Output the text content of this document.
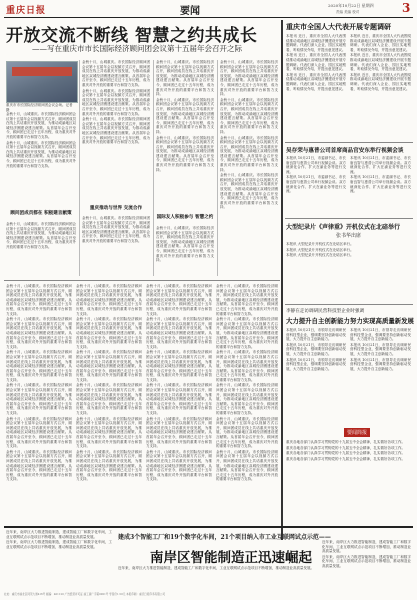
重庆日报	要闻
2020年10月22日 星期四 3
责编 美编 校对
开放交流不断线 智慧之约共成长
——写在重庆市市长国际经济顾问团会议第十五届年会召开之际
重庆市市长国际经济顾问团会议会场。记者 摄

金秋十月，山城重庆。市长国际经济顾问团会议第十五届年会以视频方式召开，顾问团成员在线上共话重庆开放发展，为推动成渝地区双城经济圈建设建言献策。从首届年会召开至今，顾问团已走过十五年历程，成为重庆对外开放的重要平台和智力支持。

金秋十月，山城重庆。市长国际经济顾问团会议第十五届年会以视频方式召开，顾问团成员在线上共话重庆开放发展，为推动成渝地区双城经济圈建设建言献策。从首届年会召开至今，顾问团已走过十五年历程，成为重庆对外开放的重要平台和智力支持。

顾问团成员都在 积极建言献策

金秋十月，山城重庆。市长国际经济顾问团会议第十五届年会以视频方式召开，顾问团成员在线上共话重庆开放发展，为推动成渝地区双城经济圈建设建言献策。从首届年会召开至今，顾问团已走过十五年历程，成为重庆对外开放的重要平台和智力支持。

金秋十月，山城重庆。市长国际经济顾问团会议第十五届年会以视频方式召开，顾问团成员在线上共话重庆开放发展，为推动成渝地区双城经济圈建设建言献策。从首届年会召开至今，顾问团已走过十五年历程，成为重庆对外开放的重要平台和智力支持。

金秋十月，山城重庆。市长国际经济顾问团会议第十五届年会以视频方式召开，顾问团成员在线上共话重庆开放发展，为推动成渝地区双城经济圈建设建言献策。从首届年会召开至今，顾问团已走过十五年历程，成为重庆对外开放的重要平台和智力支持。

金秋十月，山城重庆。市长国际经济顾问团会议第十五届年会以视频方式召开，顾问团成员在线上共话重庆开放发展，为推动成渝地区双城经济圈建设建言献策。从首届年会召开至今，顾问团已走过十五年历程，成为重庆对外开放的重要平台和智力支持。

重庆推动与世界 交流合作

金秋十月，山城重庆。市长国际经济顾问团会议第十五届年会以视频方式召开，顾问团成员在线上共话重庆开放发展，为推动成渝地区双城经济圈建设建言献策。从首届年会召开至今，顾问团已走过十五年历程，成为重庆对外开放的重要平台和智力支持。

金秋十月，山城重庆。市长国际经济顾问团会议第十五届年会以视频方式召开，顾问团成员在线上共话重庆开放发展，为推动成渝地区双城经济圈建设建言献策。从首届年会召开至今，顾问团已走过十五年历程，成为重庆对外开放的重要平台和智力支持。

金秋十月，山城重庆。市长国际经济顾问团会议第十五届年会以视频方式召开，顾问团成员在线上共话重庆开放发展，为推动成渝地区双城经济圈建设建言献策。从首届年会召开至今，顾问团已走过十五年历程，成为重庆对外开放的重要平台和智力支持。

金秋十月，山城重庆。市长国际经济顾问团会议第十五届年会以视频方式召开，顾问团成员在线上共话重庆开放发展，为推动成渝地区双城经济圈建设建言献策。从首届年会召开至今，顾问团已走过十五年历程，成为重庆对外开放的重要平台和智力支持。

国际友人积极参与 智慧之约

金秋十月，山城重庆。市长国际经济顾问团会议第十五届年会以视频方式召开，顾问团成员在线上共话重庆开放发展，为推动成渝地区双城经济圈建设建言献策。从首届年会召开至今，顾问团已走过十五年历程，成为重庆对外开放的重要平台和智力支持。

金秋十月，山城重庆。市长国际经济顾问团会议第十五届年会以视频方式召开，顾问团成员在线上共话重庆开放发展，为推动成渝地区双城经济圈建设建言献策。从首届年会召开至今，顾问团已走过十五年历程，成为重庆对外开放的重要平台和智力支持。

金秋十月，山城重庆。市长国际经济顾问团会议第十五届年会以视频方式召开，顾问团成员在线上共话重庆开放发展，为推动成渝地区双城经济圈建设建言献策。从首届年会召开至今，顾问团已走过十五年历程，成为重庆对外开放的重要平台和智力支持。

金秋十月，山城重庆。市长国际经济顾问团会议第十五届年会以视频方式召开，顾问团成员在线上共话重庆开放发展，为推动成渝地区双城经济圈建设建言献策。从首届年会召开至今，顾问团已走过十五年历程，成为重庆对外开放的重要平台和智力支持。

金秋十月，山城重庆。市长国际经济顾问团会议第十五届年会以视频方式召开，顾问团成员在线上共话重庆开放发展，为推动成渝地区双城经济圈建设建言献策。从首届年会召开至今，顾问团已走过十五年历程，成为重庆对外开放的重要平台和智力支持。

重庆市全国人大代表开展专题调研

本报讯 近日，重庆市全国人大代表围绕推动成渝地区双城经济圈建设开展专题调研。代表们深入企业、园区实地察看，听取情况介绍，并提出意见建议。

本报讯 近日，重庆市全国人大代表围绕推动成渝地区双城经济圈建设开展专题调研。代表们深入企业、园区实地察看，听取情况介绍，并提出意见建议。

本报讯 近日，重庆市全国人大代表围绕推动成渝地区双城经济圈建设开展专题调研。代表们深入企业、园区实地察看，听取情况介绍，并提出意见建议。

本报讯 近日，重庆市全国人大代表围绕推动成渝地区双城经济圈建设开展专题调研。代表们深入企业、园区实地察看，听取情况介绍，并提出意见建议。

本报讯 近日，重庆市全国人大代表围绕推动成渝地区双城经济圈建设开展专题调研。代表们深入企业、园区实地察看，听取情况介绍，并提出意见建议。

本报讯 近日，重庆市全国人大代表围绕推动成渝地区双城经济圈建设开展专题调研。代表们深入企业、园区实地察看，听取情况介绍，并提出意见建议。

吴存荣与惠普公司首席商品官安东举行视频会谈

本报讯 10月21日，市委副书记、市长唐良智与惠普公司举行视频会谈。双方就深化合作、扩大在渝业务等进行交流。

本报讯 10月21日，市委副书记、市长唐良智与惠普公司举行视频会谈。双方就深化合作、扩大在渝业务等进行交流。

本报讯 10月21日，市委副书记、市长唐良智与惠普公司举行视频会谈。双方就深化合作、扩大在渝业务等进行交流。

本报讯 10月21日，市委副书记、市长唐良智与惠普公司举行视频会谈。双方就深化合作、扩大在渝业务等进行交流。

大型纪录片《声律重》开机仪式在北碚举行
张书华出席

本报讯 大型纪录片开机仪式在北碚区举行。

本报讯 大型纪录片开机仪式在北碚区举行。

本报讯 大型纪录片开机仪式在北碚区举行。

李静在走访调研民营科技型企业时强调
大力提升自主创新能力 努力实现高质量新发展

本报讯 10月21日，市领导走访调研民营科技型企业，强调要坚持创新驱动发展，大力提升自主创新能力。

本报讯 10月21日，市领导走访调研民营科技型企业，强调要坚持创新驱动发展，大力提升自主创新能力。

本报讯 10月21日，市领导走访调研民营科技型企业，强调要坚持创新驱动发展，大力提升自主创新能力。

本报讯 10月21日，市领导走访调研民营科技型企业，强调要坚持创新驱动发展，大力提升自主创新能力。

本报讯 10月21日，市领导走访调研民营科技型企业，强调要坚持创新驱动发展，大力提升自主创新能力。

本报讯 10月21日，市领导走访调研民营科技型企业，强调要坚持创新驱动发展，大力提升自主创新能力。

要闻简报

重庆各地各部门认真学习贯彻党的十九届五中全会精神，扎实做好各项工作。

重庆各地各部门认真学习贯彻党的十九届五中全会精神，扎实做好各项工作。

重庆各地各部门认真学习贯彻党的十九届五中全会精神，扎实做好各项工作。

重庆各地各部门认真学习贯彻党的十九届五中全会精神，扎实做好各项工作。

金秋十月，山城重庆。市长国际经济顾问团会议第十五届年会以视频方式召开，顾问团成员在线上共话重庆开放发展，为推动成渝地区双城经济圈建设建言献策。从首届年会召开至今，顾问团已走过十五年历程，成为重庆对外开放的重要平台和智力支持。

金秋十月，山城重庆。市长国际经济顾问团会议第十五届年会以视频方式召开，顾问团成员在线上共话重庆开放发展，为推动成渝地区双城经济圈建设建言献策。从首届年会召开至今，顾问团已走过十五年历程，成为重庆对外开放的重要平台和智力支持。

金秋十月，山城重庆。市长国际经济顾问团会议第十五届年会以视频方式召开，顾问团成员在线上共话重庆开放发展，为推动成渝地区双城经济圈建设建言献策。从首届年会召开至今，顾问团已走过十五年历程，成为重庆对外开放的重要平台和智力支持。

金秋十月，山城重庆。市长国际经济顾问团会议第十五届年会以视频方式召开，顾问团成员在线上共话重庆开放发展，为推动成渝地区双城经济圈建设建言献策。从首届年会召开至今，顾问团已走过十五年历程，成为重庆对外开放的重要平台和智力支持。

金秋十月，山城重庆。市长国际经济顾问团会议第十五届年会以视频方式召开，顾问团成员在线上共话重庆开放发展，为推动成渝地区双城经济圈建设建言献策。从首届年会召开至今，顾问团已走过十五年历程，成为重庆对外开放的重要平台和智力支持。

金秋十月，山城重庆。市长国际经济顾问团会议第十五届年会以视频方式召开，顾问团成员在线上共话重庆开放发展，为推动成渝地区双城经济圈建设建言献策。从首届年会召开至今，顾问团已走过十五年历程，成为重庆对外开放的重要平台和智力支持。

金秋十月，山城重庆。市长国际经济顾问团会议第十五届年会以视频方式召开，顾问团成员在线上共话重庆开放发展，为推动成渝地区双城经济圈建设建言献策。从首届年会召开至今，顾问团已走过十五年历程，成为重庆对外开放的重要平台和智力支持。

金秋十月，山城重庆。市长国际经济顾问团会议第十五届年会以视频方式召开，顾问团成员在线上共话重庆开放发展，为推动成渝地区双城经济圈建设建言献策。从首届年会召开至今，顾问团已走过十五年历程，成为重庆对外开放的重要平台和智力支持。

金秋十月，山城重庆。市长国际经济顾问团会议第十五届年会以视频方式召开，顾问团成员在线上共话重庆开放发展，为推动成渝地区双城经济圈建设建言献策。从首届年会召开至今，顾问团已走过十五年历程，成为重庆对外开放的重要平台和智力支持。

金秋十月，山城重庆。市长国际经济顾问团会议第十五届年会以视频方式召开，顾问团成员在线上共话重庆开放发展，为推动成渝地区双城经济圈建设建言献策。从首届年会召开至今，顾问团已走过十五年历程，成为重庆对外开放的重要平台和智力支持。

金秋十月，山城重庆。市长国际经济顾问团会议第十五届年会以视频方式召开，顾问团成员在线上共话重庆开放发展，为推动成渝地区双城经济圈建设建言献策。从首届年会召开至今，顾问团已走过十五年历程，成为重庆对外开放的重要平台和智力支持。

金秋十月，山城重庆。市长国际经济顾问团会议第十五届年会以视频方式召开，顾问团成员在线上共话重庆开放发展，为推动成渝地区双城经济圈建设建言献策。从首届年会召开至今，顾问团已走过十五年历程，成为重庆对外开放的重要平台和智力支持。

金秋十月，山城重庆。市长国际经济顾问团会议第十五届年会以视频方式召开，顾问团成员在线上共话重庆开放发展，为推动成渝地区双城经济圈建设建言献策。从首届年会召开至今，顾问团已走过十五年历程，成为重庆对外开放的重要平台和智力支持。

金秋十月，山城重庆。市长国际经济顾问团会议第十五届年会以视频方式召开，顾问团成员在线上共话重庆开放发展，为推动成渝地区双城经济圈建设建言献策。从首届年会召开至今，顾问团已走过十五年历程，成为重庆对外开放的重要平台和智力支持。

金秋十月，山城重庆。市长国际经济顾问团会议第十五届年会以视频方式召开，顾问团成员在线上共话重庆开放发展，为推动成渝地区双城经济圈建设建言献策。从首届年会召开至今，顾问团已走过十五年历程，成为重庆对外开放的重要平台和智力支持。

金秋十月，山城重庆。市长国际经济顾问团会议第十五届年会以视频方式召开，顾问团成员在线上共话重庆开放发展，为推动成渝地区双城经济圈建设建言献策。从首届年会召开至今，顾问团已走过十五年历程，成为重庆对外开放的重要平台和智力支持。

金秋十月，山城重庆。市长国际经济顾问团会议第十五届年会以视频方式召开，顾问团成员在线上共话重庆开放发展，为推动成渝地区双城经济圈建设建言献策。从首届年会召开至今，顾问团已走过十五年历程，成为重庆对外开放的重要平台和智力支持。

金秋十月，山城重庆。市长国际经济顾问团会议第十五届年会以视频方式召开，顾问团成员在线上共话重庆开放发展，为推动成渝地区双城经济圈建设建言献策。从首届年会召开至今，顾问团已走过十五年历程，成为重庆对外开放的重要平台和智力支持。

金秋十月，山城重庆。市长国际经济顾问团会议第十五届年会以视频方式召开，顾问团成员在线上共话重庆开放发展，为推动成渝地区双城经济圈建设建言献策。从首届年会召开至今，顾问团已走过十五年历程，成为重庆对外开放的重要平台和智力支持。

金秋十月，山城重庆。市长国际经济顾问团会议第十五届年会以视频方式召开，顾问团成员在线上共话重庆开放发展，为推动成渝地区双城经济圈建设建言献策。从首届年会召开至今，顾问团已走过十五年历程，成为重庆对外开放的重要平台和智力支持。

金秋十月，山城重庆。市长国际经济顾问团会议第十五届年会以视频方式召开，顾问团成员在线上共话重庆开放发展，为推动成渝地区双城经济圈建设建言献策。从首届年会召开至今，顾问团已走过十五年历程，成为重庆对外开放的重要平台和智力支持。

金秋十月，山城重庆。市长国际经济顾问团会议第十五届年会以视频方式召开，顾问团成员在线上共话重庆开放发展，为推动成渝地区双城经济圈建设建言献策。从首届年会召开至今，顾问团已走过十五年历程，成为重庆对外开放的重要平台和智力支持。

金秋十月，山城重庆。市长国际经济顾问团会议第十五届年会以视频方式召开，顾问团成员在线上共话重庆开放发展，为推动成渝地区双城经济圈建设建言献策。从首届年会召开至今，顾问团已走过十五年历程，成为重庆对外开放的重要平台和智力支持。

金秋十月，山城重庆。市长国际经济顾问团会议第十五届年会以视频方式召开，顾问团成员在线上共话重庆开放发展，为推动成渝地区双城经济圈建设建言献策。从首届年会召开至今，顾问团已走过十五年历程，成为重庆对外开放的重要平台和智力支持。

建成3个智能工厂和19个数字化车间，21个项目纳入市工业互联网试点示范——
南岸区智能制造正迅速崛起

近年来，南岸区大力推进智能制造，建成智能工厂和数字化车间，工业互联网试点示范项目不断增加，推动制造业高质量发展。

近年来，南岸区大力推进智能制造，建成智能工厂和数字化车间，工业互联网试点示范项目不断增加，推动制造业高质量发展。

近年来，南岸区大力推进智能制造，建成智能工厂和数字化车间，工业互联网试点示范项目不断增加，推动制造业高质量发展。

近年来，南岸区大力推进智能制造，建成智能工厂和数字化车间，工业互联网试点示范项目不断增加，推动制造业高质量发展。

近年来，南岸区大力推进智能制造，建成智能工厂和数字化车间，工业互联网试点示范项目不断增加，推动制造业高质量发展。

社址：重庆市渝北区同茂大道416号 邮编：401120 广告经营许可证 渝工商广字第0001号 零售价1.50元 本报印刷：重庆日报印务有限公司
